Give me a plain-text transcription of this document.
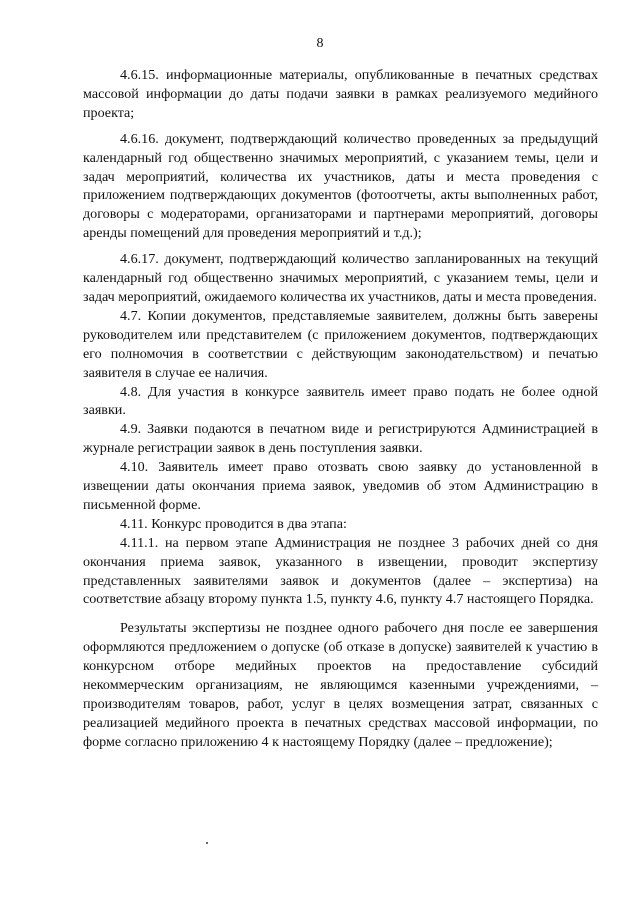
8

4.6.15. информационные материалы, опубликованные в печатных средствах массовой информации до даты подачи заявки в рамках реализуемого медийного проекта;

4.6.16. документ, подтверждающий количество проведенных за предыдущий календарный год общественно значимых мероприятий, с указанием темы, цели и задач мероприятий, количества их участников, даты и места проведения с приложением подтверждающих документов (фотоотчеты, акты выполненных работ, договоры с модераторами, организаторами и партнерами мероприятий, договоры аренды помещений для проведения мероприятий и т.д.);

4.6.17. документ, подтверждающий количество запланированных на текущий календарный год общественно значимых мероприятий, с указанием темы, цели и задач мероприятий, ожидаемого количества их участников, даты и места проведения.

4.7. Копии документов, представляемые заявителем, должны быть заверены руководителем или представителем (с приложением документов, подтверждающих его полномочия в соответствии с действующим законодательством) и печатью заявителя в случае ее наличия.

4.8. Для участия в конкурсе заявитель имеет право подать не более одной заявки.

4.9. Заявки подаются в печатном виде и регистрируются Администрацией в журнале регистрации заявок в день поступления заявки.

4.10. Заявитель имеет право отозвать свою заявку до установленной в извещении даты окончания приема заявок, уведомив об этом Администрацию в письменной форме.

4.11. Конкурс проводится в два этапа:

4.11.1. на первом этапе Администрация не позднее 3 рабочих дней со дня окончания приема заявок, указанного в извещении, проводит экспертизу представленных заявителями заявок и документов (далее – экспертиза) на соответствие абзацу второму пункта 1.5, пункту 4.6, пункту 4.7 настоящего Порядка.

Результаты экспертизы не позднее одного рабочего дня после ее завершения оформляются предложением о допуске (об отказе в допуске) заявителей к участию в конкурсном отборе медийных проектов на предоставление субсидий некоммерческим организациям, не являющимся казенными учреждениями, – производителям товаров, работ, услуг в целях возмещения затрат, связанных с реализацией медийного проекта в печатных средствах массовой информации, по форме согласно приложению 4 к настоящему Порядку (далее – предложение);
